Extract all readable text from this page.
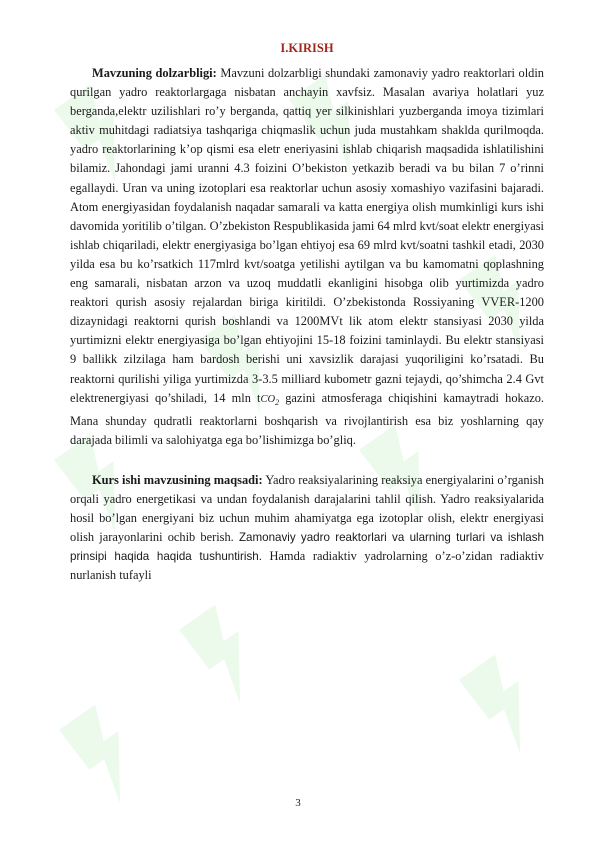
I.KIRISH

Mavzuning dolzarbligi: Mavzuni dolzarbligi shundaki zamonaviy yadro reaktorlari oldin qurilgan yadro reaktorlargaga nisbatan anchayin xavfsiz. Masalan avariya holatlari yuz berganda,elektr uzilishlari ro’y berganda, qattiq yer silkinishlari yuzberganda imoya tizimlari aktiv muhitdagi radiatsiya tashqariga chiqmaslik uchun juda mustahkam shaklda qurilmoqda. yadro reaktorlarining k’op qismi esa eletr eneriyasini ishlab chiqarish maqsadida ishlatilishini bilamiz. Jahondagi jami uranni 4.3 foizini O’bekiston yetkazib beradi va bu bilan 7 o’rinni egallaydi. Uran va uning izotoplari esa reaktorlar uchun asosiy xomashiyo vazifasini bajaradi. Atom energiyasidan foydalanish naqadar samarali va katta energiya olish mumkinligi kurs ishi davomida yoritilib o’tilgan. O’zbekiston Respublikasida jami 64 mlrd kvt/soat elektr energiyasi ishlab chiqariladi, elektr energiyasiga bo’lgan ehtiyoj esa 69 mlrd kvt/soatni tashkil etadi, 2030 yilda esa bu ko’rsatkich 117mlrd kvt/soatga yetilishi aytilgan va bu kamomatni qoplashning eng samarali, nisbatan arzon va uzoq muddatli ekanligini hisobga olib yurtimizda yadro reaktori qurish asosiy rejalardan biriga kiritildi. O’zbekistonda Rossiyaning VVER-1200 dizaynidagi reaktorni qurish boshlandi va 1200MVt lik atom elektr stansiyasi 2030 yilda yurtimizni elektr energiyasiga bo’lgan ehtiyojini 15-18 foizini taminlaydi. Bu elektr stansiyasi 9 ballikk zilzilaga ham bardosh berishi uni xavsizlik darajasi yuqoriligini ko’rsatadi. Bu reaktorni qurilishi yiliga yurtimizda 3-3.5 milliard kubometr gazni tejaydi, qo’shimcha 2.4 Gvt elektrenergiyasi qo’shiladi, 14 mln tCO$_2$ gazini atmosferaga chiqishini kamaytradi hokazo. Mana shunday qudratli reaktorlarni boshqarish va rivojlantirish esa biz yoshlarning qay darajada bilimli va salohiyatga ega bo’lishimizga bo’gliq.

Kurs ishi mavzusining maqsadi: Yadro reaksiyalarining reaksiya energiyalarini o’rganish orqali yadro energetikasi va undan foydalanish darajalarini tahlil qilish. Yadro reaksiyalarida hosil bo’lgan energiyani biz uchun muhim ahamiyatga ega izotoplar olish, elektr energiyasi olish jarayonlarini ochib berish. Zamonaviy yadro reaktorlari va ularning turlari va ishlash prinsipi haqida haqida tushuntirish. Hamda radiaktiv yadrolarning o’z-o’zidan radiaktiv nurlanish tufayli

3
